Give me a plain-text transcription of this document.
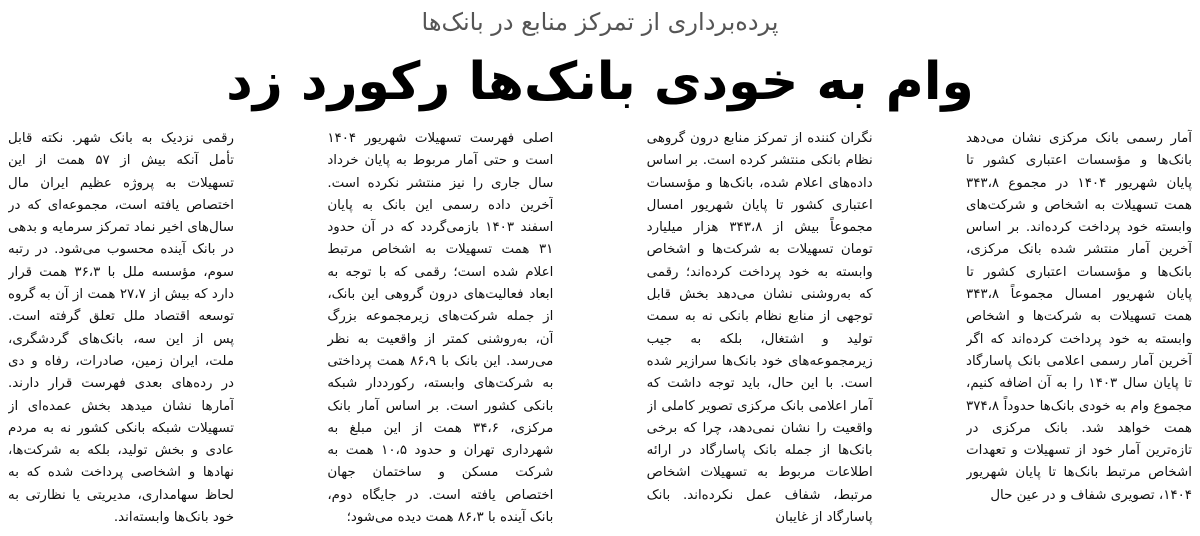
پرده‌برداری از تمرکز منابع در بانک‌ها
وام به خودی بانک‌ها رکورد زد

آمار رسمی بانک مرکزی نشان می‌دهد بانک‌ها و مؤسسات اعتباری کشور تا پایان شهریور ۱۴۰۴ در مجموع ۳۴۳،۸ همت تسهیلات به اشخاص و شرکت‌های وابسته خود پرداخت کرده‌اند. بر اساس آخرین آمار منتشر شده بانک مرکزی، بانک‌ها و مؤسسات اعتباری کشور تا پایان شهریور امسال مجموعاً ۳۴۳،۸ همت تسهیلات به شرکت‌ها و اشخاص وابسته به خود پرداخت کرده‌اند که اگر آخرین آمار رسمی اعلامی بانک پاسارگاد تا پایان سال ۱۴۰۳ را به آن اضافه کنیم، مجموع وام به خودی بانک‌ها حدوداً ۳۷۴،۸ همت خواهد شد. بانک مرکزی در تازه‌ترین آمار خود از تسهیلات و تعهدات اشخاص مرتبط بانک‌ها تا پایان شهریور ۱۴۰۴، تصویری شفاف و در عین حال

نگران کننده از تمرکز منابع درون گروهی نظام بانکی منتشر کرده است. بر اساس داده‌های اعلام شده، بانک‌ها و مؤسسات اعتباری کشور تا پایان شهریور امسال مجموعاً بیش از ۳۴۳،۸ هزار میلیارد تومان تسهیلات به شرکت‌ها و اشخاص وابسته به خود پرداخت کرده‌اند؛ رقمی که به‌روشنی نشان می‌دهد بخش قابل توجهی از منابع نظام بانکی نه به سمت تولید و اشتغال، بلکه به جیب زیرمجموعه‌های خود بانک‌ها سرازیر شده است. با این حال، باید توجه داشت که آمار اعلامی بانک مرکزی تصویر کاملی از واقعیت را نشان نمی‌دهد، چرا که برخی بانک‌ها از جمله بانک پاسارگاد در ارائه اطلاعات مربوط به تسهیلات اشخاص مرتبط، شفاف عمل نکرده‌اند. بانک پاسارگاد از غایبان

اصلی فهرست تسهیلات شهریور ۱۴۰۴ است و حتی آمار مربوط به پایان خرداد سال جاری را نیز منتشر نکرده است. آخرین داده رسمی این بانک به پایان اسفند ۱۴۰۳ بازمی‌گردد که در آن حدود ۳۱ همت تسهیلات به اشخاص مرتبط اعلام شده است؛ رقمی که با توجه به ابعاد فعالیت‌های درون گروهی این بانک، از جمله شرکت‌های زیرمجموعه بزرگ آن، به‌روشنی کمتر از واقعیت به نظر می‌رسد. این بانک با ۸۶،۹ همت پرداختی به شرکت‌های وابسته، رکورددار شبکه بانکی کشور است. بر اساس آمار بانک مرکزی، ۳۴،۶ همت از این مبلغ به شهرداری تهران و حدود ۱۰،۵ همت به شرکت مسکن و ساختمان جهان اختصاص یافته است. در جایگاه دوم، بانک آینده با ۸۶،۳ همت دیده می‌شود؛

رقمی نزدیک به بانک شهر. نکته قابل تأمل آنکه بیش از ۵۷ همت از این تسهیلات به پروژه عظیم ایران مال اختصاص یافته است، مجموعه‌ای که در سال‌های اخیر نماد تمرکز سرمایه و بدهی در بانک آینده محسوب می‌شود. در رتبه سوم، مؤسسه ملل با ۳۶،۳ همت قرار دارد که بیش از ۲۷،۷ همت از آن به گروه توسعه اقتصاد ملل تعلق گرفته است. پس از این سه، بانک‌های گردشگری، ملت، ایران زمین، صادرات، رفاه و دی در رده‌های بعدی فهرست قرار دارند. آمارها نشان میدهد بخش عمده‌ای از تسهیلات شبکه بانکی کشور نه به مردم عادی و بخش تولید، بلکه به شرکت‌ها، نهادها و اشخاصی پرداخت شده که به لحاظ سهامداری، مدیریتی یا نظارتی به خود بانک‌ها وابسته‌اند.
